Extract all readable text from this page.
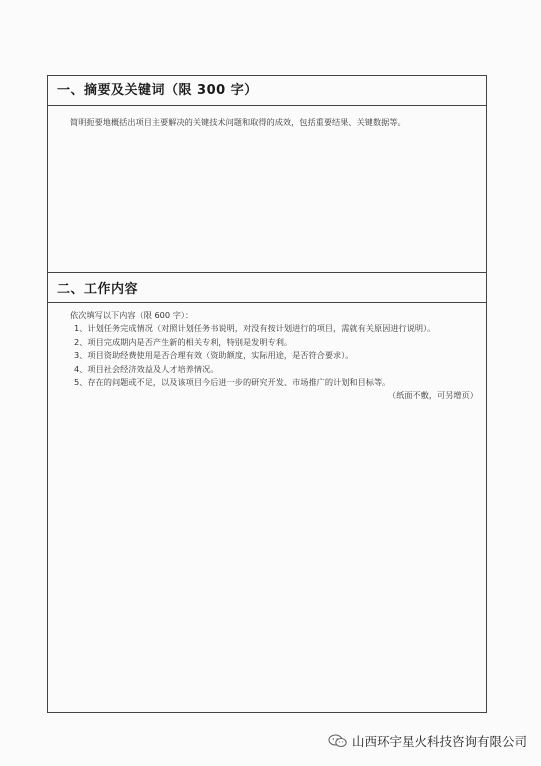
一、摘要及关键词（限 300 字）
简明扼要地概括出项目主要解决的关键技术问题和取得的成效，包括重要结果、关键数据等。
二、工作内容
依次填写以下内容（限 600 字）：
1、计划任务完成情况（对照计划任务书说明，对没有按计划进行的项目，需就有关原因进行说明）。
2、项目完成期内是否产生新的相关专利，特别是发明专利。
3、项目资助经费使用是否合理有效（资助额度，实际用途，是否符合要求）。
4、项目社会经济效益及人才培养情况。
5、存在的问题或不足，以及该项目今后进一步的研究开发、市场推广的计划和目标等。
（纸面不敷，可另增页）
山西环宇星火科技咨询有限公司
